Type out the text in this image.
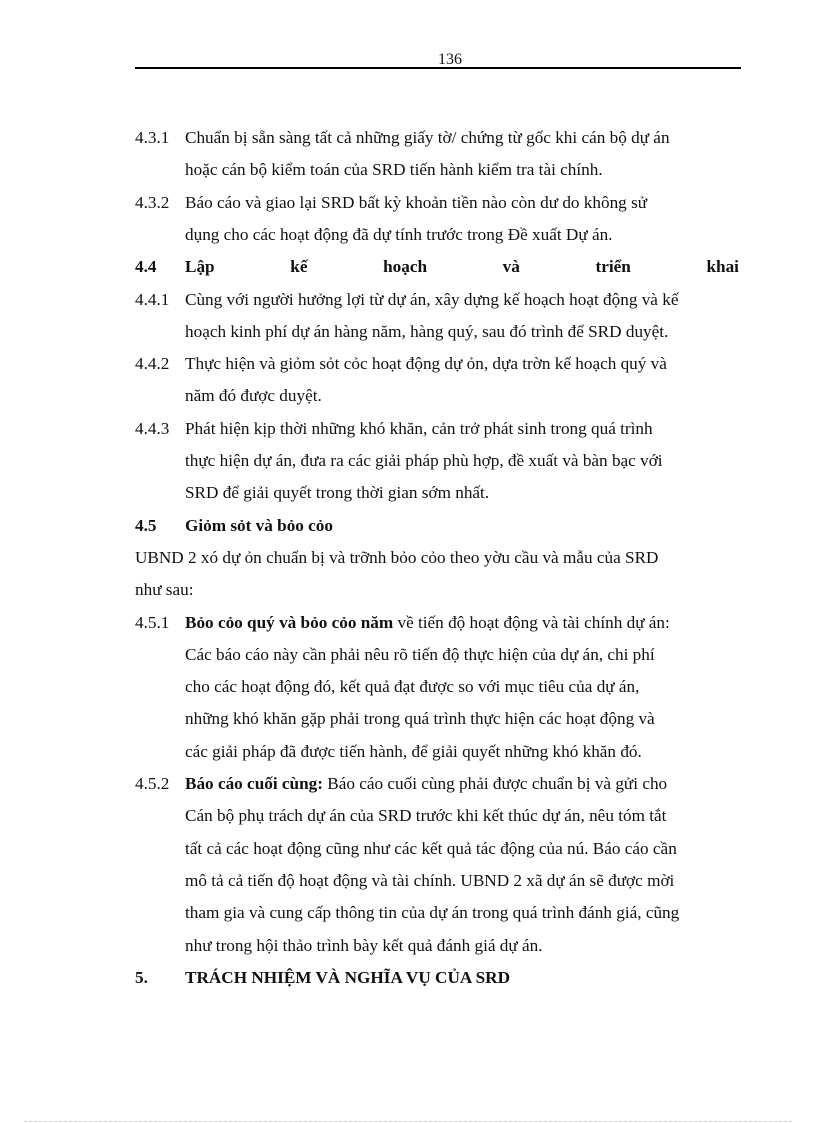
136
4.3.1 Chuẩn bị sẵn sàng tất cả những giấy tờ/ chứng từ gốc khi cán bộ dự án
hoặc cán bộ kiểm toán của SRD tiến hành kiểm tra tài chính.
4.3.2 Báo cáo và giao lại SRD bất kỳ khoản tiền nào còn dư do không sử
dụng cho các hoạt động đã dự tính trước trong Đề xuất Dự án.
4.4 Lập	kế	hoạch	và	triển	khai
4.4.1 Cùng với người hưởng lợi từ dự án, xây dựng kế hoạch hoạt động và kế
hoạch kinh phí dự án hàng năm, hàng quý, sau đó trình để SRD duyệt.
4.4.2 Thực hiện và giỏm sỏt cỏc hoạt động dự ỏn, dựa trờn kế hoạch quý và
năm đó được duyệt.
4.4.3 Phát hiện kịp thời những khó khăn, cản trở phát sinh trong quá trình
thực hiện dự án, đưa ra các giải pháp phù hợp, đề xuất và bàn bạc với
SRD để giải quyết trong thời gian sớm nhất.
4.5 Giỏm sỏt và bỏo cỏo
UBND 2 xó dự ỏn chuẩn bị và trỡnh bỏo cỏo theo yờu cầu và mẫu của SRD
như sau:
4.5.1 Bỏo cỏo quý và bỏo cỏo năm về tiến độ hoạt động và tài chính dự án:
Các báo cáo này cần phải nêu rõ tiến độ thực hiện của dự án, chi phí
cho các hoạt động đó, kết quả đạt được so với mục tiêu của dự án,
những khó khăn gặp phải trong quá trình thực hiện các hoạt động và
các giải pháp đã được tiến hành, để giải quyết những khó khăn đó.
4.5.2 Báo cáo cuối cùng: Báo cáo cuối cùng phải được chuẩn bị và gửi cho
Cán bộ phụ trách dự án của SRD trước khi kết thúc dự án, nêu tóm tắt
tất cả các hoạt động cũng như các kết quả tác động của nú. Báo cáo cần
mô tả cả tiến độ hoạt động và tài chính. UBND 2 xã dự án sẽ được mời
tham gia và cung cấp thông tin của dự án trong quá trình đánh giá, cũng
như trong hội thảo trình bày kết quả đánh giá dự án.
5. TRÁCH NHIỆM VÀ NGHĨA VỤ CỦA SRD
